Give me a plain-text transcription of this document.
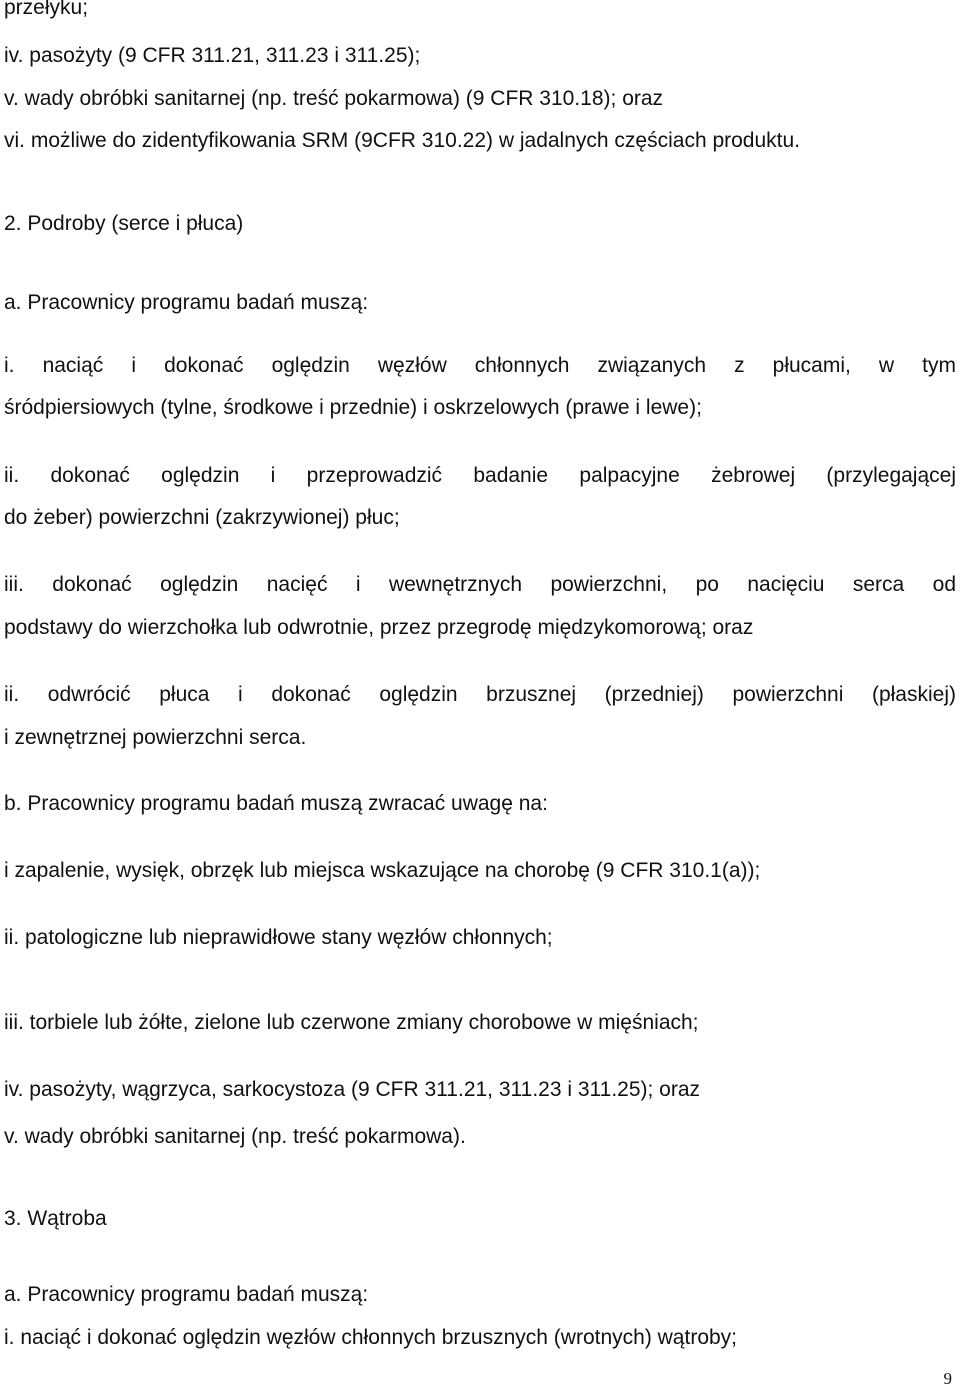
przełyku;
iv. pasożyty (9 CFR 311.21, 311.23 i 311.25);
v. wady obróbki sanitarnej (np. treść pokarmowa) (9 CFR 310.18); oraz
vi. możliwe do zidentyfikowania SRM (9CFR 310.22) w jadalnych częściach produktu.
2. Podroby (serce i płuca)
a. Pracownicy programu badań muszą:
i. naciąć i dokonać oględzin węzłów chłonnych związanych z płucami, w tym
śródpiersiowych (tylne, środkowe i przednie) i oskrzelowych (prawe i lewe);
ii. dokonać oględzin i przeprowadzić badanie palpacyjne żebrowej (przylegającej
do żeber) powierzchni (zakrzywionej) płuc;
iii. dokonać oględzin nacięć i wewnętrznych powierzchni, po nacięciu serca od
podstawy do wierzchołka lub odwrotnie, przez przegrodę międzykomorową; oraz
ii. odwrócić płuca i dokonać oględzin brzusznej (przedniej) powierzchni (płaskiej)
i zewnętrznej powierzchni serca.
b. Pracownicy programu badań muszą zwracać uwagę na:
i zapalenie, wysięk, obrzęk lub miejsca wskazujące na chorobę (9 CFR 310.1(a));
ii. patologiczne lub nieprawidłowe stany węzłów chłonnych;
iii. torbiele lub żółte, zielone lub czerwone zmiany chorobowe w mięśniach;
iv. pasożyty, wągrzyca, sarkocystoza (9 CFR 311.21, 311.23 i 311.25); oraz
v. wady obróbki sanitarnej (np. treść pokarmowa).
3. Wątroba
a. Pracownicy programu badań muszą:
i. naciąć i dokonać oględzin węzłów chłonnych brzusznych (wrotnych) wątroby;
9
